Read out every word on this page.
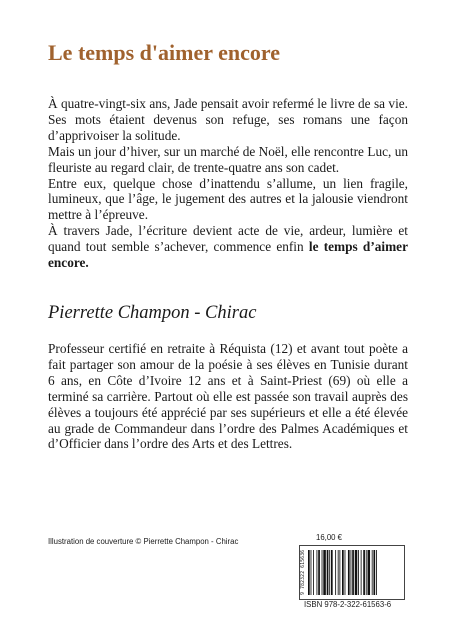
Le temps d'aimer encore

À quatre-vingt-six ans, Jade pensait avoir refermé le livre de sa vie. Ses mots étaient devenus son refuge, ses romans une façon d’apprivoiser la solitude.

Mais un jour d’hiver, sur un marché de Noël, elle rencontre Luc, un fleuriste au regard clair, de trente-quatre ans son cadet.

Entre eux, quelque chose d’inattendu s’allume, un lien fragile, lumineux, que l’âge, le jugement des autres et la jalousie viendront mettre à l’épreuve.

À travers Jade, l’écriture devient acte de vie, ardeur, lumière et quand tout semble s’achever, commence enfin le temps d’aimer encore.

Pierrette Champon - Chirac

Professeur certifié en retraite à Réquista (12) et avant tout poète a fait partager son amour de la poésie à ses élèves en Tunisie durant 6 ans, en Côte d’Ivoire 12 ans et à Saint-Priest (69) où elle a terminé sa carrière. Partout où elle est passée son travail auprès des élèves a toujours été apprécié par ses supérieurs et elle a été élevée au grade de Commandeur dans l’ordre des Palmes Académiques et d’Officier dans l’ordre des Arts et des Lettres.

Illustration de couverture © Pierrette Champon - Chirac	16,00 €
9 782322 615636
ISBN 978-2-322-61563-6
